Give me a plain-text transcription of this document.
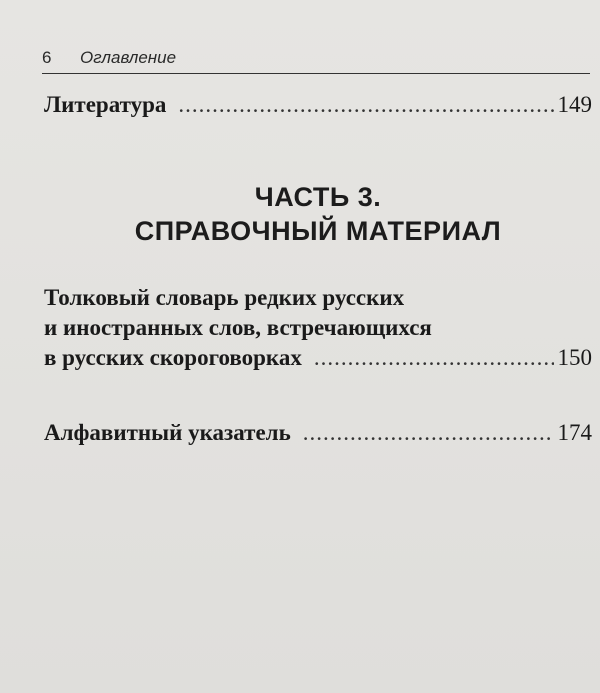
6 Оглавление
Литература .....	149
ЧАСТЬ 3.
СПРАВОЧНЫЙ МАТЕРИАЛ
Толковый словарь редких русских
и иностранных слов, встречающихся
в русских скороговорках .....	150
Алфавитный указатель .....	174
